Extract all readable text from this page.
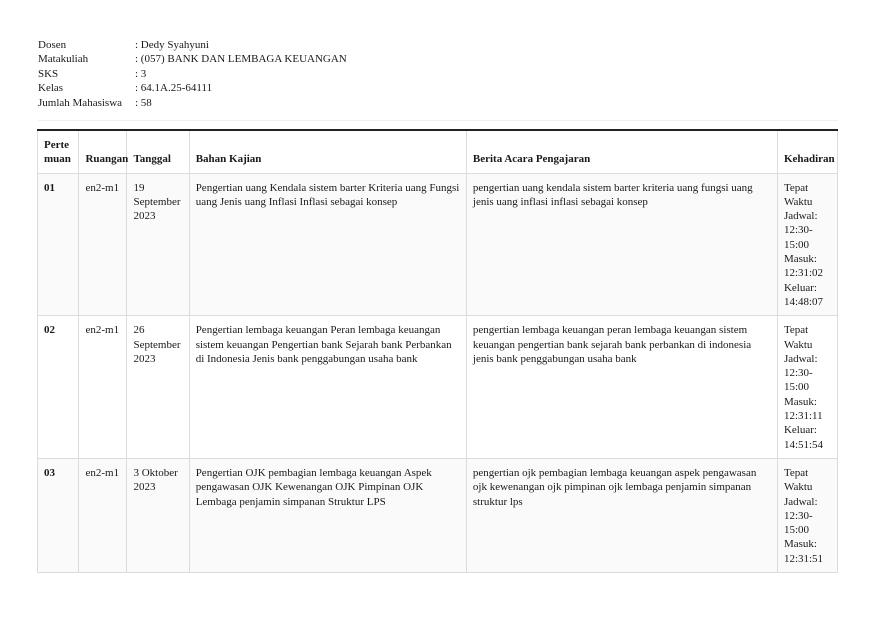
Dosen	: Dedy Syahyuni
Matakuliah	: (057) BANK DAN LEMBAGA KEUANGAN
SKS	: 3
Kelas	: 64.1A.25-64111
Jumlah Mahasiswa	: 58
Perte muan	Ruangan	Tanggal	Bahan Kajian	Berita Acara Pengajaran	Kehadiran
01	en2-m1	19 September 2023	Pengertian uang Kendala sistem barter Kriteria uang Fungsi uang Jenis uang Inflasi Inflasi sebagai konsep	pengertian uang kendala sistem barter kriteria uang fungsi uang jenis uang inflasi inflasi sebagai konsep	Tepat Waktu
Jadwal: 12:30-15:00
Masuk: 12:31:02
Keluar: 14:48:07

02	en2-m1	26 September 2023	Pengertian lembaga keuangan Peran lembaga keuangan sistem keuangan Pengertian bank Sejarah bank Perbankan di Indonesia Jenis bank penggabungan usaha bank	pengertian lembaga keuangan peran lembaga keuangan sistem keuangan pengertian bank sejarah bank perbankan di indonesia jenis bank penggabungan usaha bank	Tepat Waktu
Jadwal: 12:30-15:00
Masuk: 12:31:11
Keluar: 14:51:54

03	en2-m1	3 Oktober 2023	Pengertian OJK pembagian lembaga keuangan Aspek pengawasan OJK Kewenangan OJK Pimpinan OJK Lembaga penjamin simpanan Struktur LPS	pengertian ojk pembagian lembaga keuangan aspek pengawasan ojk kewenangan ojk pimpinan ojk lembaga penjamin simpanan struktur lps	Tepat Waktu
Jadwal: 12:30-15:00
Masuk: 12:31:51
